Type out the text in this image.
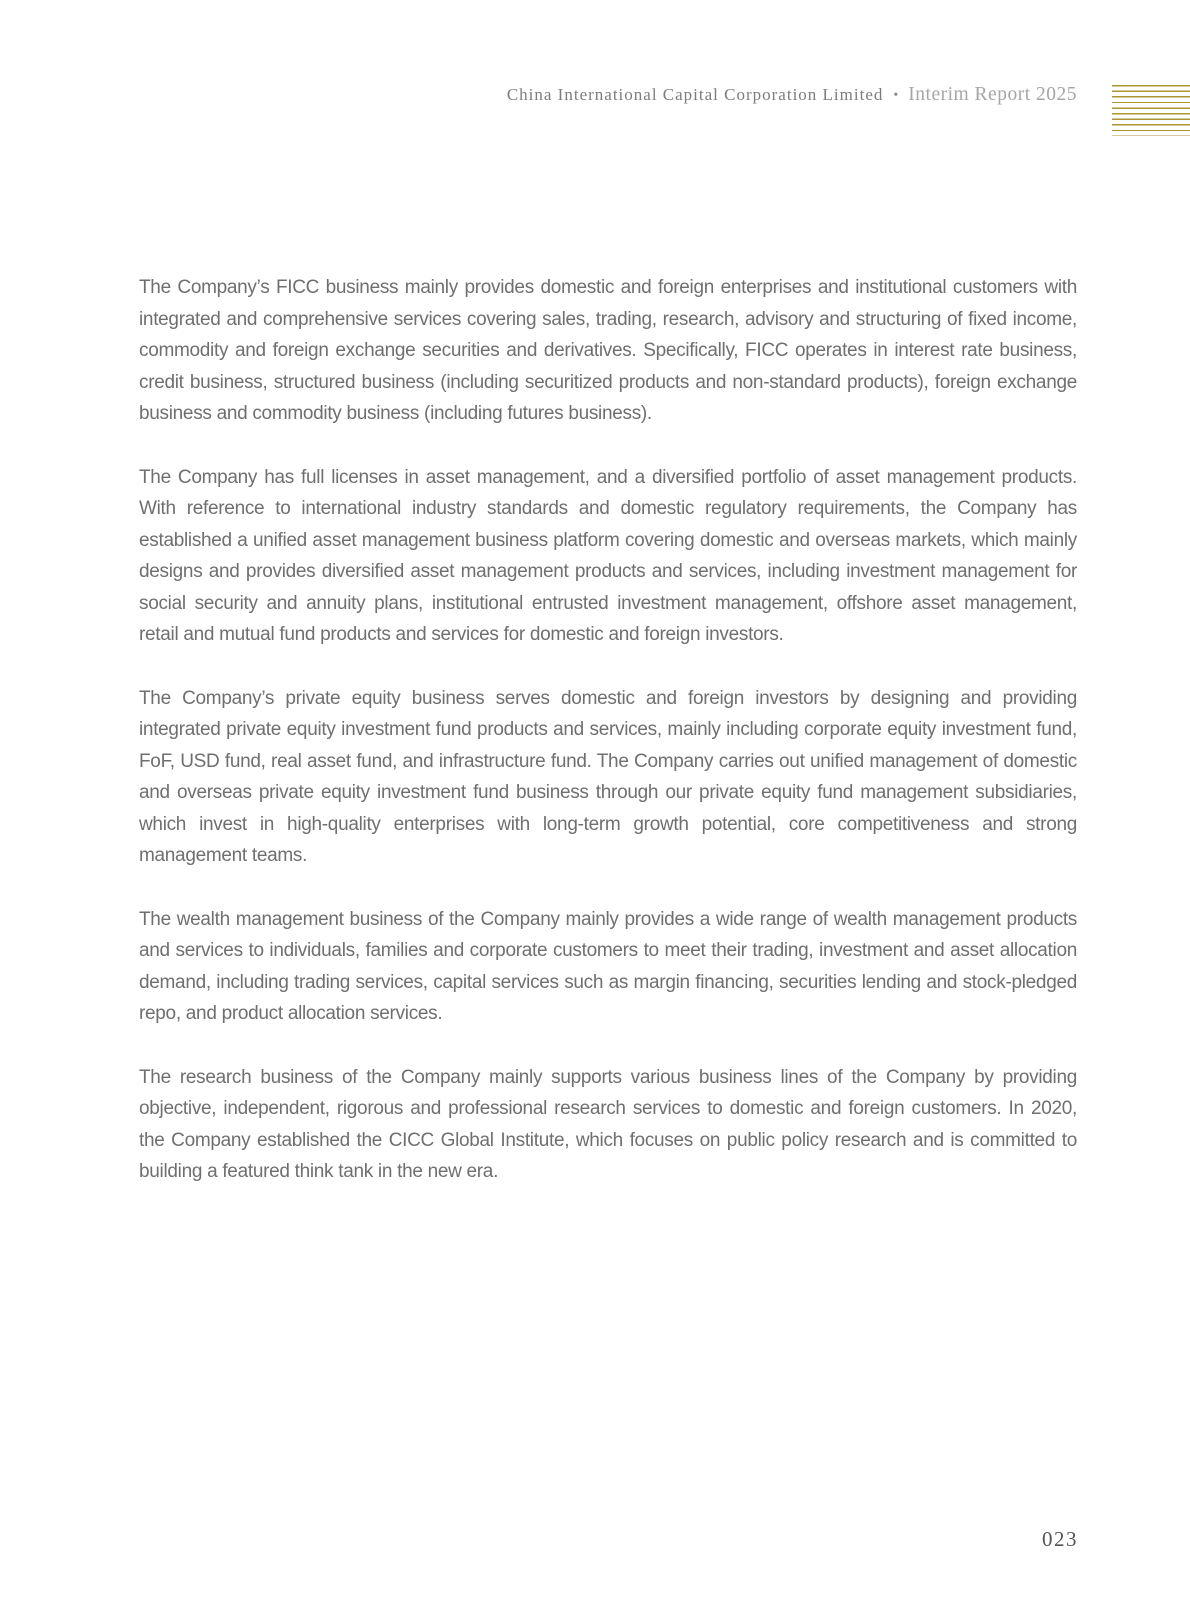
China International Capital Corporation Limited • Interim Report 2025

The Company’s FICC business mainly provides domestic and foreign enterprises and institutional customers with integrated and comprehensive services covering sales, trading, research, advisory and structuring of fixed income, commodity and foreign exchange securities and derivatives. Specifically, FICC operates in interest rate business, credit business, structured business (including securitized products and non-standard products), foreign exchange business and commodity business (including futures business).

The Company has full licenses in asset management, and a diversified portfolio of asset management products. With reference to international industry standards and domestic regulatory requirements, the Company has established a unified asset management business platform covering domestic and overseas markets, which mainly designs and provides diversified asset management products and services, including investment management for social security and annuity plans, institutional entrusted investment management, offshore asset management, retail and mutual fund products and services for domestic and foreign investors.

The Company’s private equity business serves domestic and foreign investors by designing and providing integrated private equity investment fund products and services, mainly including corporate equity investment fund, FoF, USD fund, real asset fund, and infrastructure fund. The Company carries out unified management of domestic and overseas private equity investment fund business through our private equity fund management subsidiaries, which invest in high-quality enterprises with long-term growth potential, core competitiveness and strong management teams.

The wealth management business of the Company mainly provides a wide range of wealth management products and services to individuals, families and corporate customers to meet their trading, investment and asset allocation demand, including trading services, capital services such as margin financing, securities lending and stock-pledged repo, and product allocation services.

The research business of the Company mainly supports various business lines of the Company by providing objective, independent, rigorous and professional research services to domestic and foreign customers. In 2020, the Company established the CICC Global Institute, which focuses on public policy research and is committed to building a featured think tank in the new era.

023
